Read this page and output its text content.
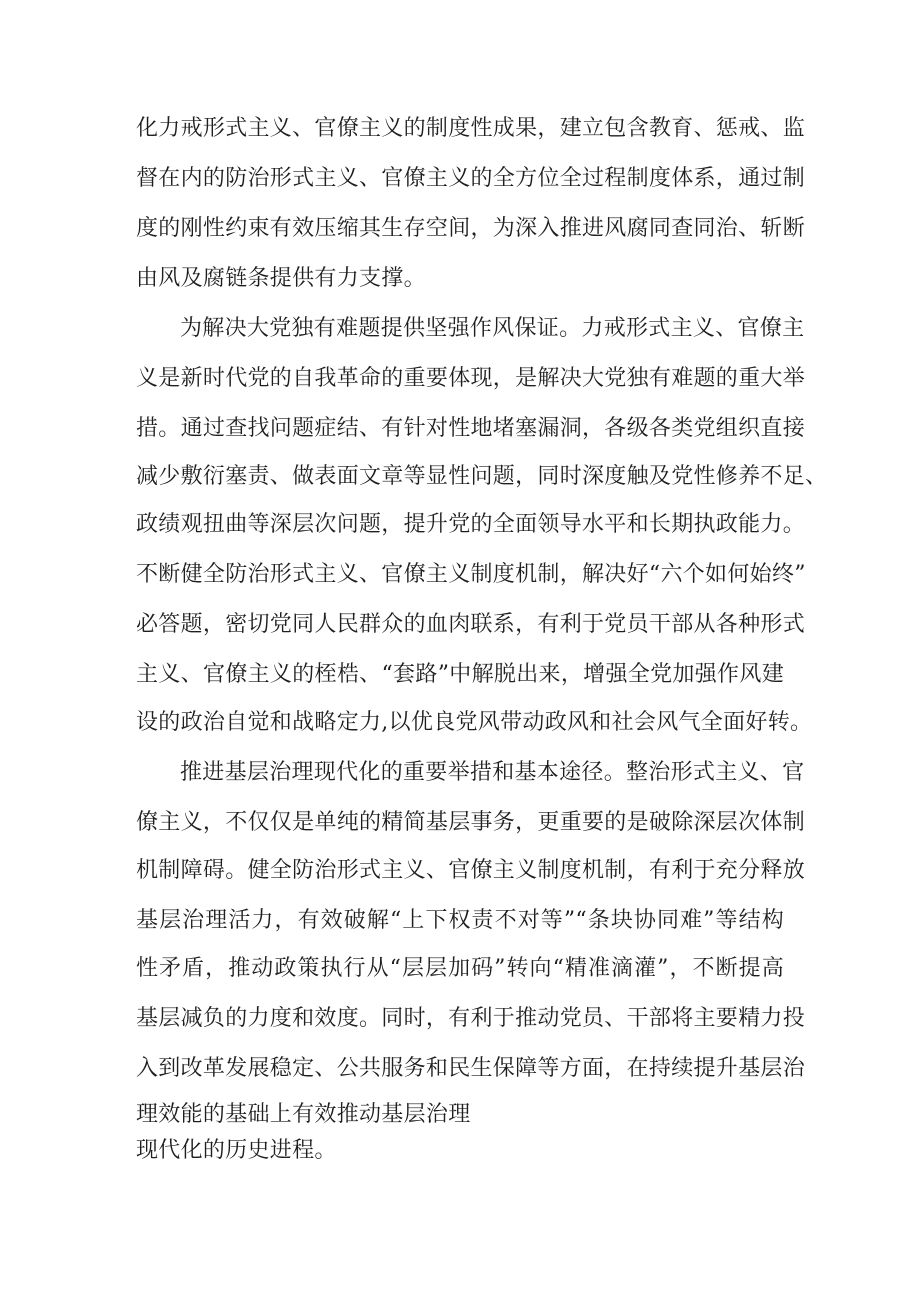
化力戒形式主义、官僚主义的制度性成果，建立包含教育、惩戒、监
督在内的防治形式主义、官僚主义的全方位全过程制度体系，通过制
度的刚性约束有效压缩其生存空间，为深入推进风腐同查同治、斩断
由风及腐链条提供有力支撑。
为解决大党独有难题提供坚强作风保证。力戒形式主义、官僚主
义是新时代党的自我革命的重要体现，是解决大党独有难题的重大举
措。通过查找问题症结、有针对性地堵塞漏洞，各级各类党组织直接
减少敷衍塞责、做表面文章等显性问题，同时深度触及党性修养不足、
政绩观扭曲等深层次问题，提升党的全面领导水平和长期执政能力。
不断健全防治形式主义、官僚主义制度机制，解决好“六个如何始终”
必答题，密切党同人民群众的血肉联系，有利于党员干部从各种形式
主义、官僚主义的桎梏、“套路”中解脱出来，增强全党加强作风建
设的政治自觉和战略定力,以优良党风带动政风和社会风气全面好转。
推进基层治理现代化的重要举措和基本途径。整治形式主义、官
僚主义，不仅仅是单纯的精简基层事务，更重要的是破除深层次体制
机制障碍。健全防治形式主义、官僚主义制度机制，有利于充分释放
基层治理活力，有效破解“上下权责不对等”“条块协同难”等结构
性矛盾，推动政策执行从“层层加码”转向“精准滴灌”，不断提高
基层减负的力度和效度。同时，有利于推动党员、干部将主要精力投
入到改革发展稳定、公共服务和民生保障等方面，在持续提升基层治
理效能的基础上有效推动基层治理
现代化的历史进程。
